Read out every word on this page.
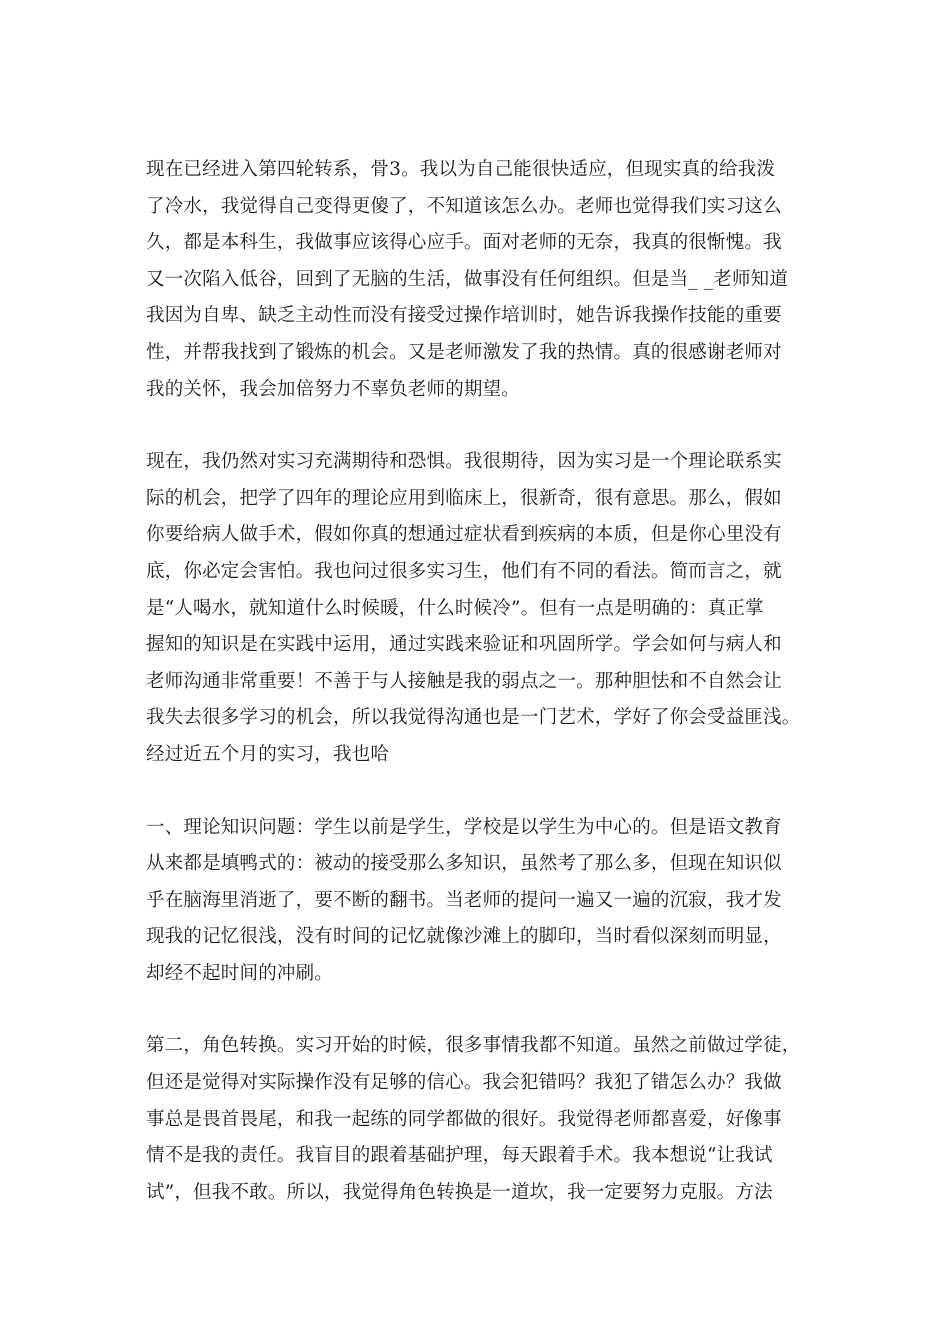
现在已经进入第四轮转系，骨3。我以为自己能很快适应，但现实真的给我泼
了冷水，我觉得自己变得更傻了，不知道该怎么办。老师也觉得我们实习这么
久，都是本科生，我做事应该得心应手。面对老师的无奈，我真的很惭愧。我
又一次陷入低谷，回到了无脑的生活，做事没有任何组织。但是当_ _老师知道
我因为自卑、缺乏主动性而没有接受过操作培训时，她告诉我操作技能的重要
性，并帮我找到了锻炼的机会。又是老师激发了我的热情。真的很感谢老师对
我的关怀，我会加倍努力不辜负老师的期望。
现在，我仍然对实习充满期待和恐惧。我很期待，因为实习是一个理论联系实
际的机会，把学了四年的理论应用到临床上，很新奇，很有意思。那么，假如
你要给病人做手术，假如你真的想通过症状看到疾病的本质，但是你心里没有
底，你必定会害怕。我也问过很多实习生，他们有不同的看法。简而言之，就
是“人喝水，就知道什么时候暖，什么时候冷”。但有一点是明确的：真正掌
握知的知识是在实践中运用，通过实践来验证和巩固所学。学会如何与病人和
老师沟通非常重要！不善于与人接触是我的弱点之一。那种胆怯和不自然会让
我失去很多学习的机会，所以我觉得沟通也是一门艺术，学好了你会受益匪浅。
经过近五个月的实习，我也哈
一、理论知识问题：学生以前是学生，学校是以学生为中心的。但是语文教育
从来都是填鸭式的：被动的接受那么多知识，虽然考了那么多，但现在知识似
乎在脑海里消逝了，要不断的翻书。当老师的提问一遍又一遍的沉寂，我才发
现我的记忆很浅，没有时间的记忆就像沙滩上的脚印，当时看似深刻而明显，
却经不起时间的冲刷。
第二，角色转换。实习开始的时候，很多事情我都不知道。虽然之前做过学徒，
但还是觉得对实际操作没有足够的信心。我会犯错吗？我犯了错怎么办？我做
事总是畏首畏尾，和我一起练的同学都做的很好。我觉得老师都喜爱，好像事
情不是我的责任。我盲目的跟着基础护理，每天跟着手术。我本想说“让我试
试”，但我不敢。所以，我觉得角色转换是一道坎，我一定要努力克服。方法
